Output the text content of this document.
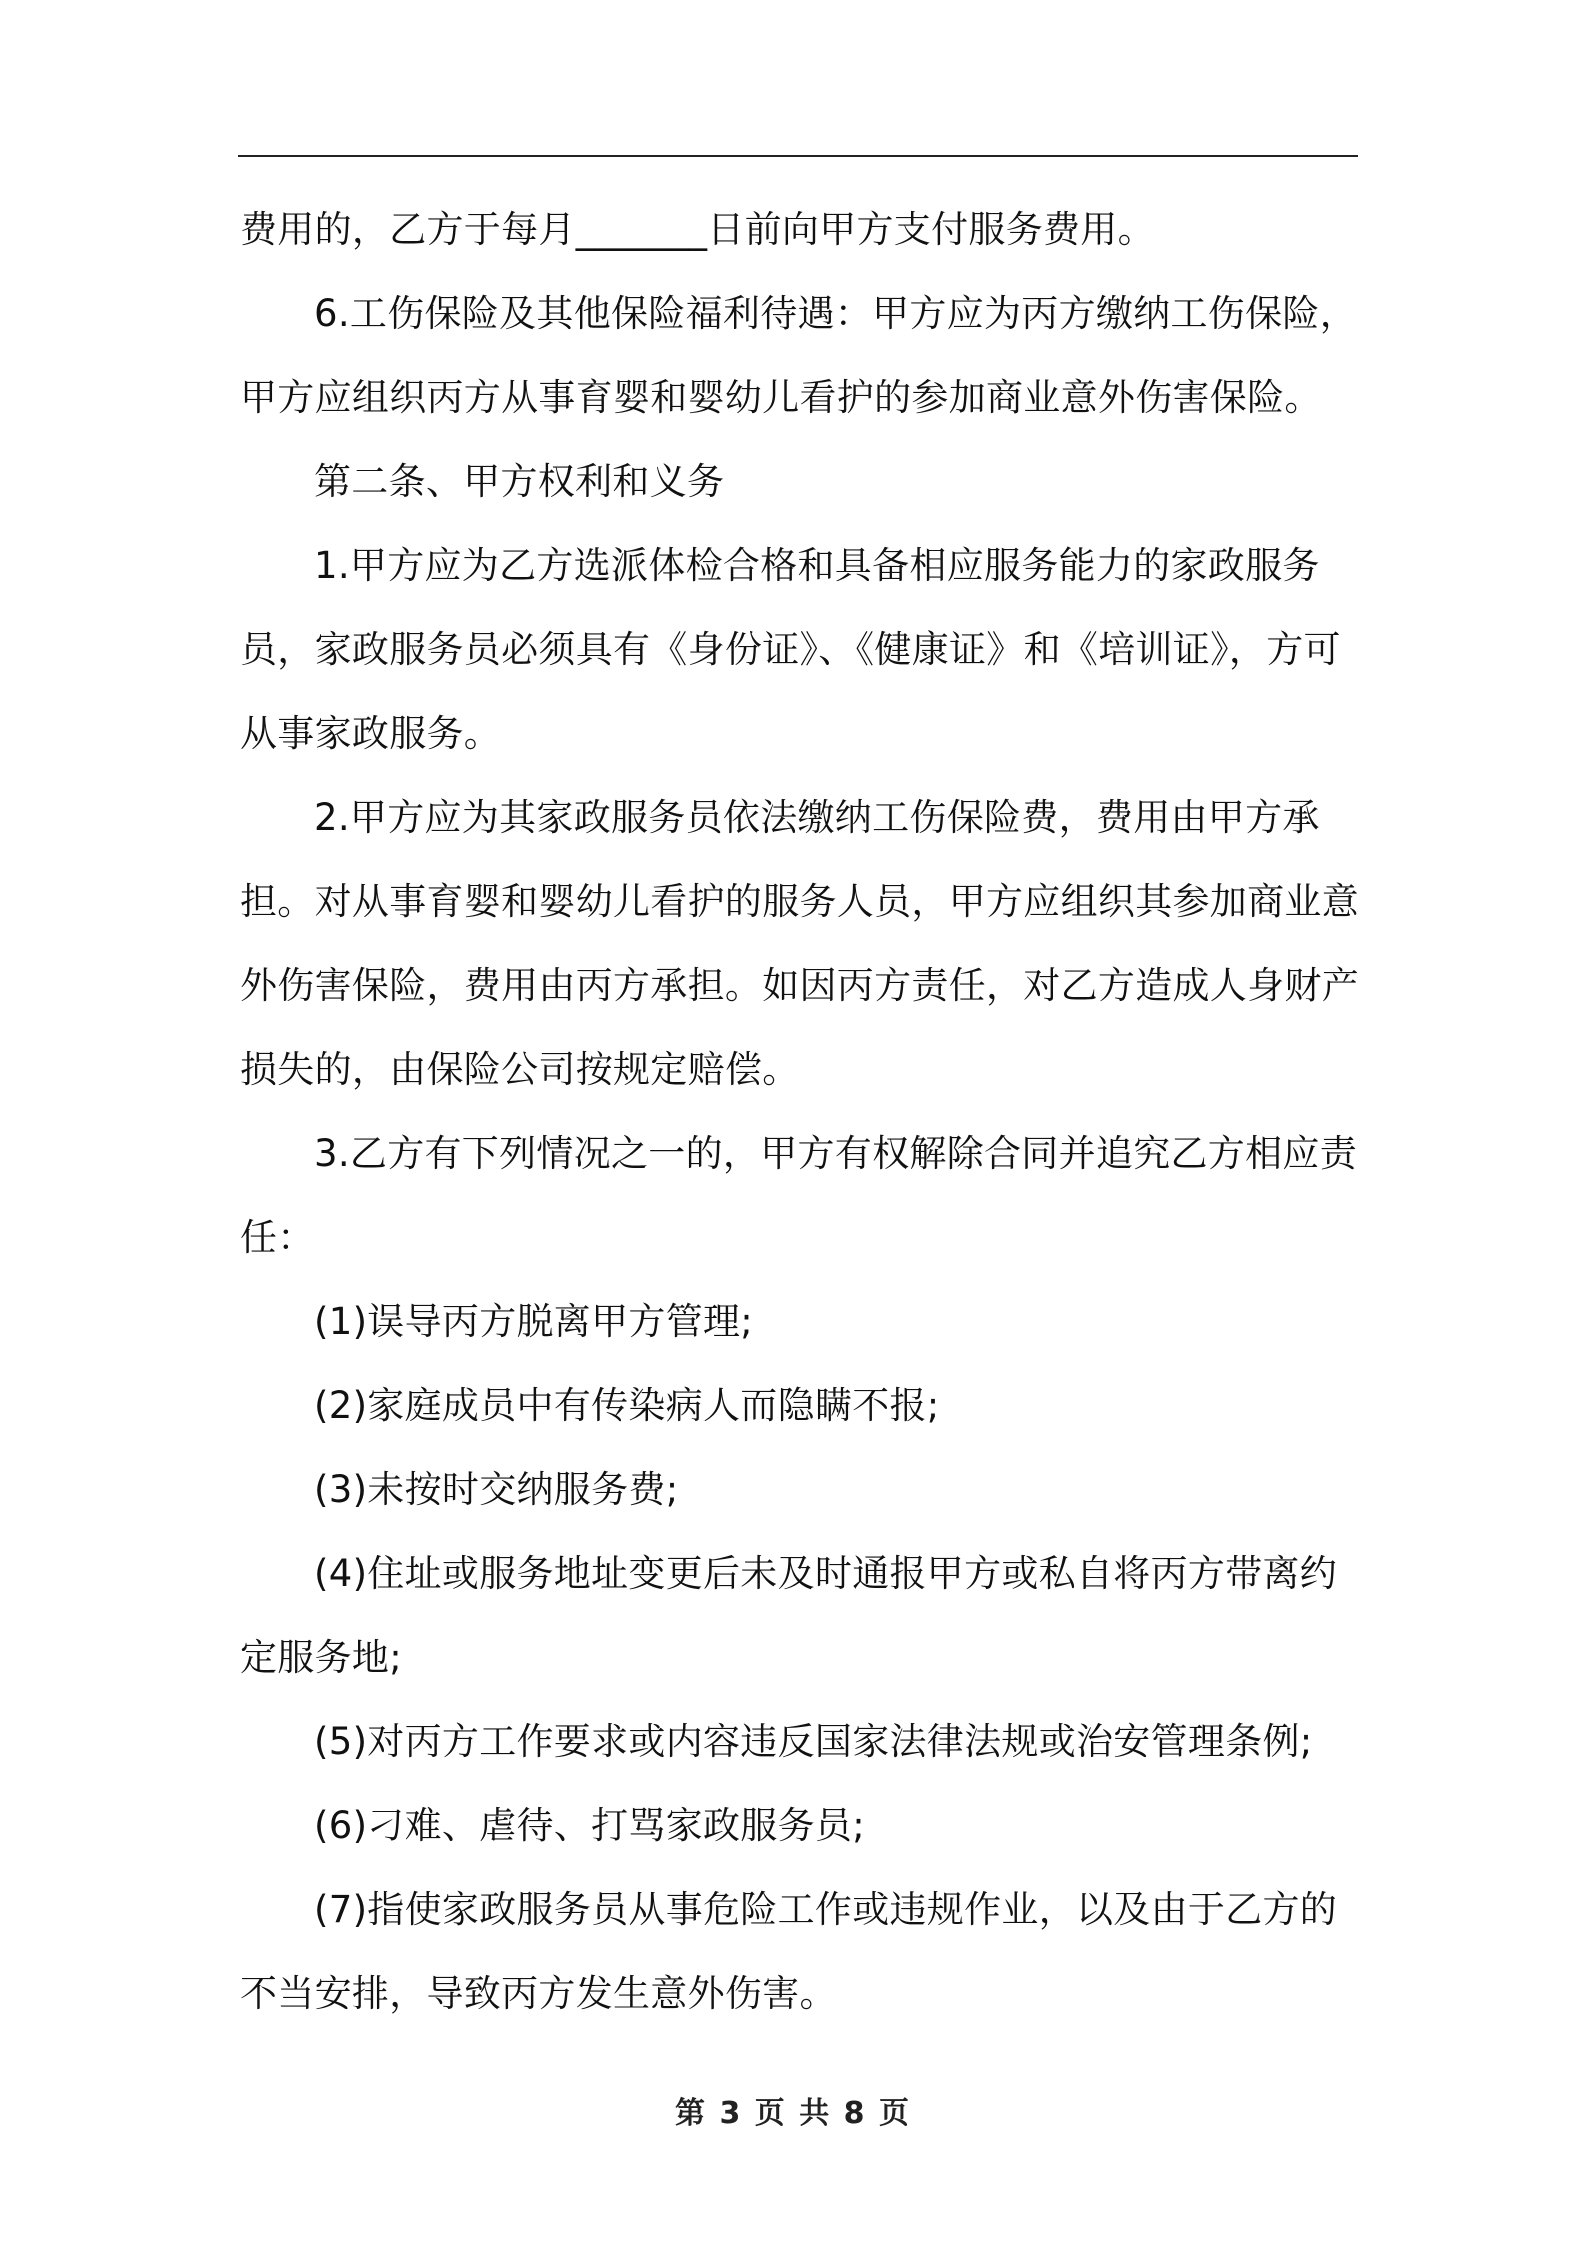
费用的，乙方于每月_______日前向甲方支付服务费用。

6.工伤保险及其他保险福利待遇：甲方应为丙方缴纳工伤保险，甲方应组织丙方从事育婴和婴幼儿看护的参加商业意外伤害保险。

第二条、甲方权利和义务

1.甲方应为乙方选派体检合格和具备相应服务能力的家政服务员，家政服务员必须具有《身份证》、《健康证》和《培训证》，方可从事家政服务。

2.甲方应为其家政服务员依法缴纳工伤保险费，费用由甲方承担。对从事育婴和婴幼儿看护的服务人员，甲方应组织其参加商业意外伤害保险，费用由丙方承担。如因丙方责任，对乙方造成人身财产损失的，由保险公司按规定赔偿。

3.乙方有下列情况之一的，甲方有权解除合同并追究乙方相应责任：

(1)误导丙方脱离甲方管理;

(2)家庭成员中有传染病人而隐瞒不报;

(3)未按时交纳服务费;

(4)住址或服务地址变更后未及时通报甲方或私自将丙方带离约定服务地;

(5)对丙方工作要求或内容违反国家法律法规或治安管理条例;

(6)刁难、虐待、打骂家政服务员;

(7)指使家政服务员从事危险工作或违规作业，以及由于乙方的不当安排，导致丙方发生意外伤害。

第 3 页 共 8 页
